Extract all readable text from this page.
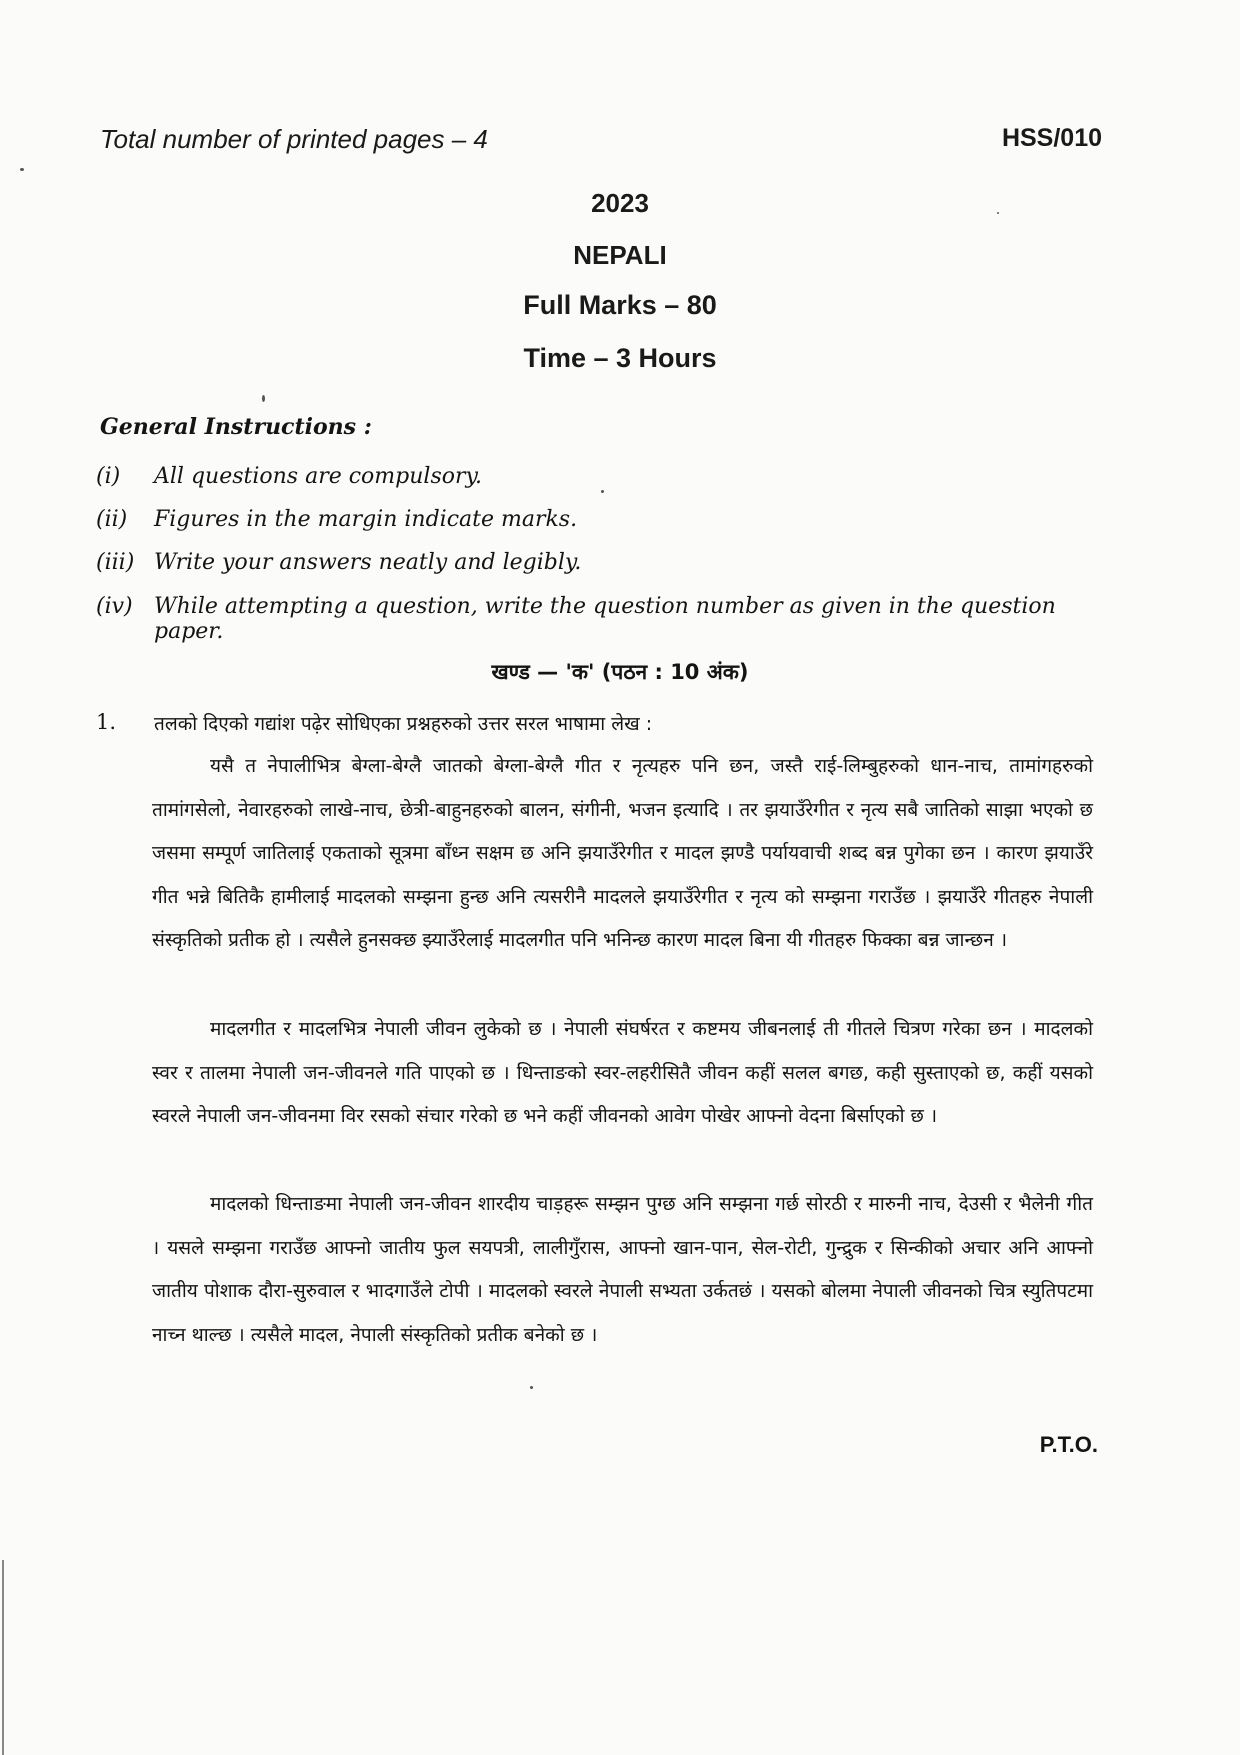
Total number of printed pages – 4	HSS/010
2023
NEPALI
Full Marks – 80
Time – 3 Hours
General Instructions :
(i)	All questions are compulsory.
(ii)	Figures in the margin indicate marks.
(iii) Write your answers neatly and legibly.
(iv) While attempting a question, write the question number as given in the question paper.
खण्ड — 'क' (पठन : 10 अंक)
1.	तलको दिएको गद्यांश पढ़ेर सोधिएका प्रश्नहरुको उत्तर सरल भाषामा लेख :

यसै त नेपालीभित्र बेग्ला-बेग्लै जातको बेग्ला-बेग्लै गीत र नृत्यहरु पनि छन, जस्तै राई-लिम्बुहरुको धान-नाच, तामांगहरुको तामांगसेलो, नेवारहरुको लाखे-नाच, छेत्री-बाहुनहरुको बालन, संगीनी, भजन इत्यादि । तर झयाउँरेगीत र नृत्य सबै जातिको साझा भएको छ जसमा सम्पूर्ण जातिलाई एकताको सूत्रमा बाँध्न सक्षम छ अनि झयाउँरेगीत र मादल झण्डै पर्यायवाची शब्द बन्न पुगेका छन । कारण झयाउँरे गीत भन्ने बितिकै हामीलाई मादलको सम्झना हुन्छ अनि त्यसरीनै मादलले झयाउँरेगीत र नृत्य को सम्झना गराउँछ । झयाउँरे गीतहरु नेपाली संस्कृतिको प्रतीक हो । त्यसैले हुनसक्छ झ्याउँरेलाई मादलगीत पनि भनिन्छ कारण मादल बिना यी गीतहरु फिक्का बन्न जान्छन ।

मादलगीत र मादलभित्र नेपाली जीवन लुकेको छ । नेपाली संघर्षरत र कष्टमय जीबनलाई ती गीतले चित्रण गरेका छन । मादलको स्वर र तालमा नेपाली जन-जीवनले गति पाएको छ । धिन्ताङको स्वर-लहरीसितै जीवन कहीं सलल बगछ, कही सुस्ताएको छ, कहीं यसको स्वरले नेपाली जन-जीवनमा विर रसको संचार गरेको छ भने कहीं जीवनको आवेग पोखेर आफ्नो वेदना बिर्साएको छ ।

मादलको धिन्ताङमा नेपाली जन-जीवन शारदीय चाड़हरू सम्झन पुग्छ अनि सम्झना गर्छ सोरठी र मारुनी नाच, देउसी र भैलेनी गीत । यसले सम्झना गराउँछ आफ्नो जातीय फुल सयपत्री, लालीगुँरास, आफ्नो खान-पान, सेल-रोटी, गुन्द्रुक र सिन्कीको अचार अनि आफ्नो जातीय पोशाक दौरा-सुरुवाल र भादगाउँले टोपी । मादलको स्वरले नेपाली सभ्यता उर्कतछं । यसको बोलमा नेपाली जीवनको चित्र स्युतिपटमा नाच्न थाल्छ । त्यसैले मादल, नेपाली संस्कृतिको प्रतीक बनेको छ ।

P.T.O.
